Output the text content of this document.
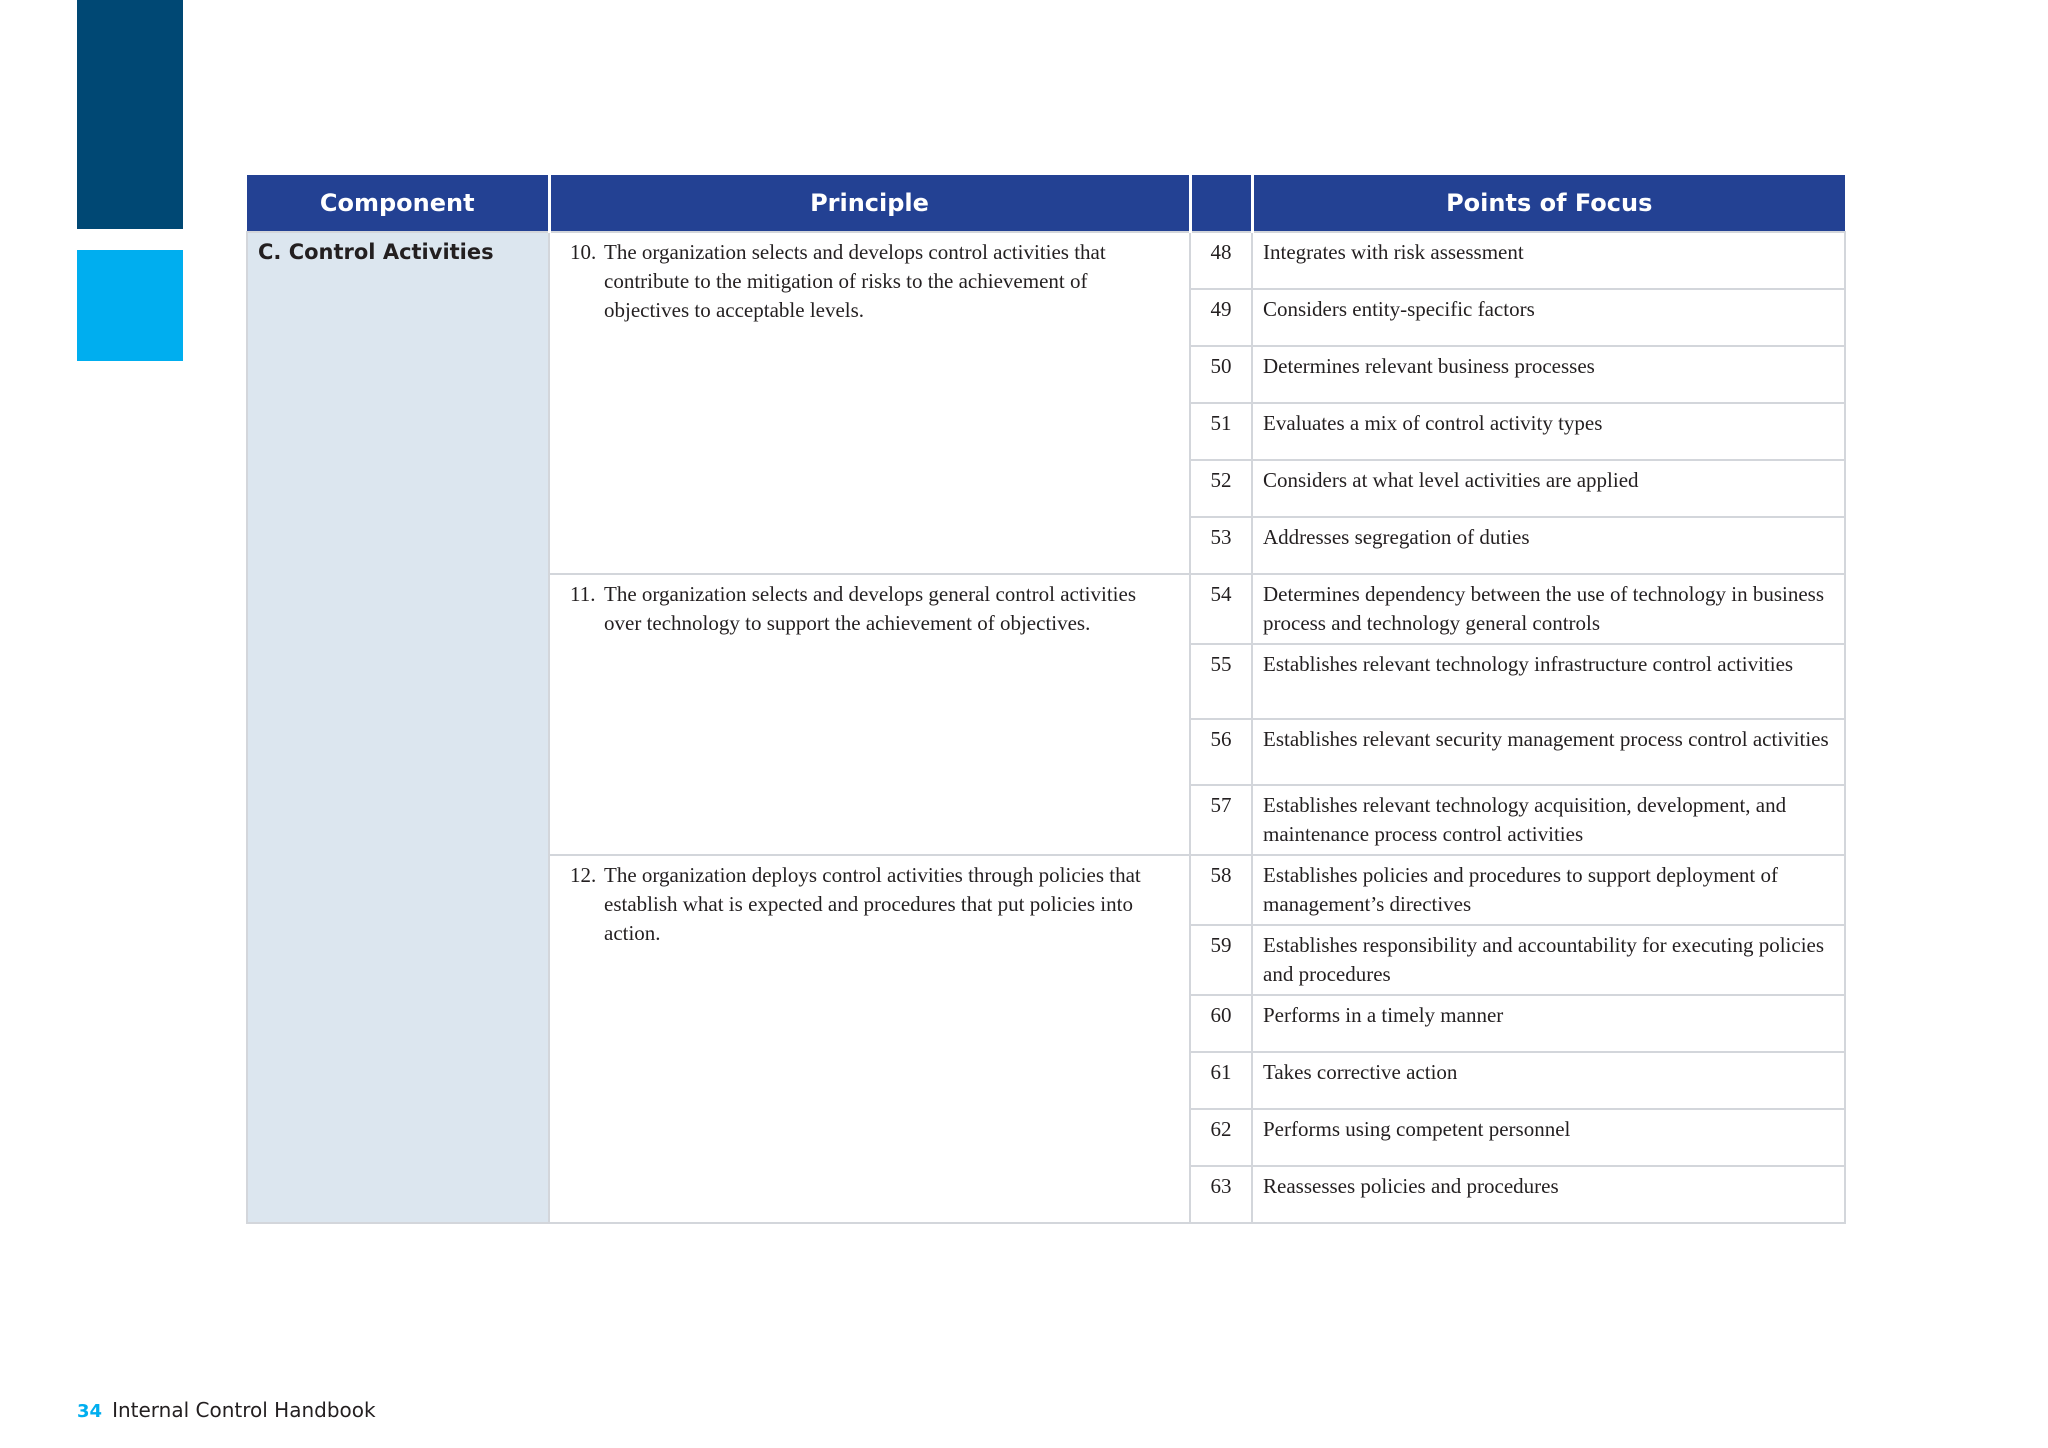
Component	Principle		Points of Focus
C. Control Activities	10. The organization selects and develops control activities that contribute to the mitigation of risks to the achievement of objectives to acceptable levels.	48	Integrates with risk assessment
		49	Considers entity-specific factors
		50	Determines relevant business processes
		51	Evaluates a mix of control activity types
		52	Considers at what level activities are applied
		53	Addresses segregation of duties

	11. The organization selects and develops general control activities over technology to support the achievement of objectives.	54	Determines dependency between the use of technology in business process and technology general controls
		55	Establishes relevant technology infrastructure control activities
		56	Establishes relevant security management process control activities
		57	Establishes relevant technology acquisition, development, and maintenance process control activities

	12. The organization deploys control activities through policies that establish what is expected and procedures that put policies into action.	58	Establishes policies and procedures to support deployment of management’s directives
		59	Establishes responsibility and accountability for executing policies and procedures
		60	Performs in a timely manner
		61	Takes corrective action
		62	Performs using competent personnel
		63	Reassesses policies and procedures
34 Internal Control Handbook
